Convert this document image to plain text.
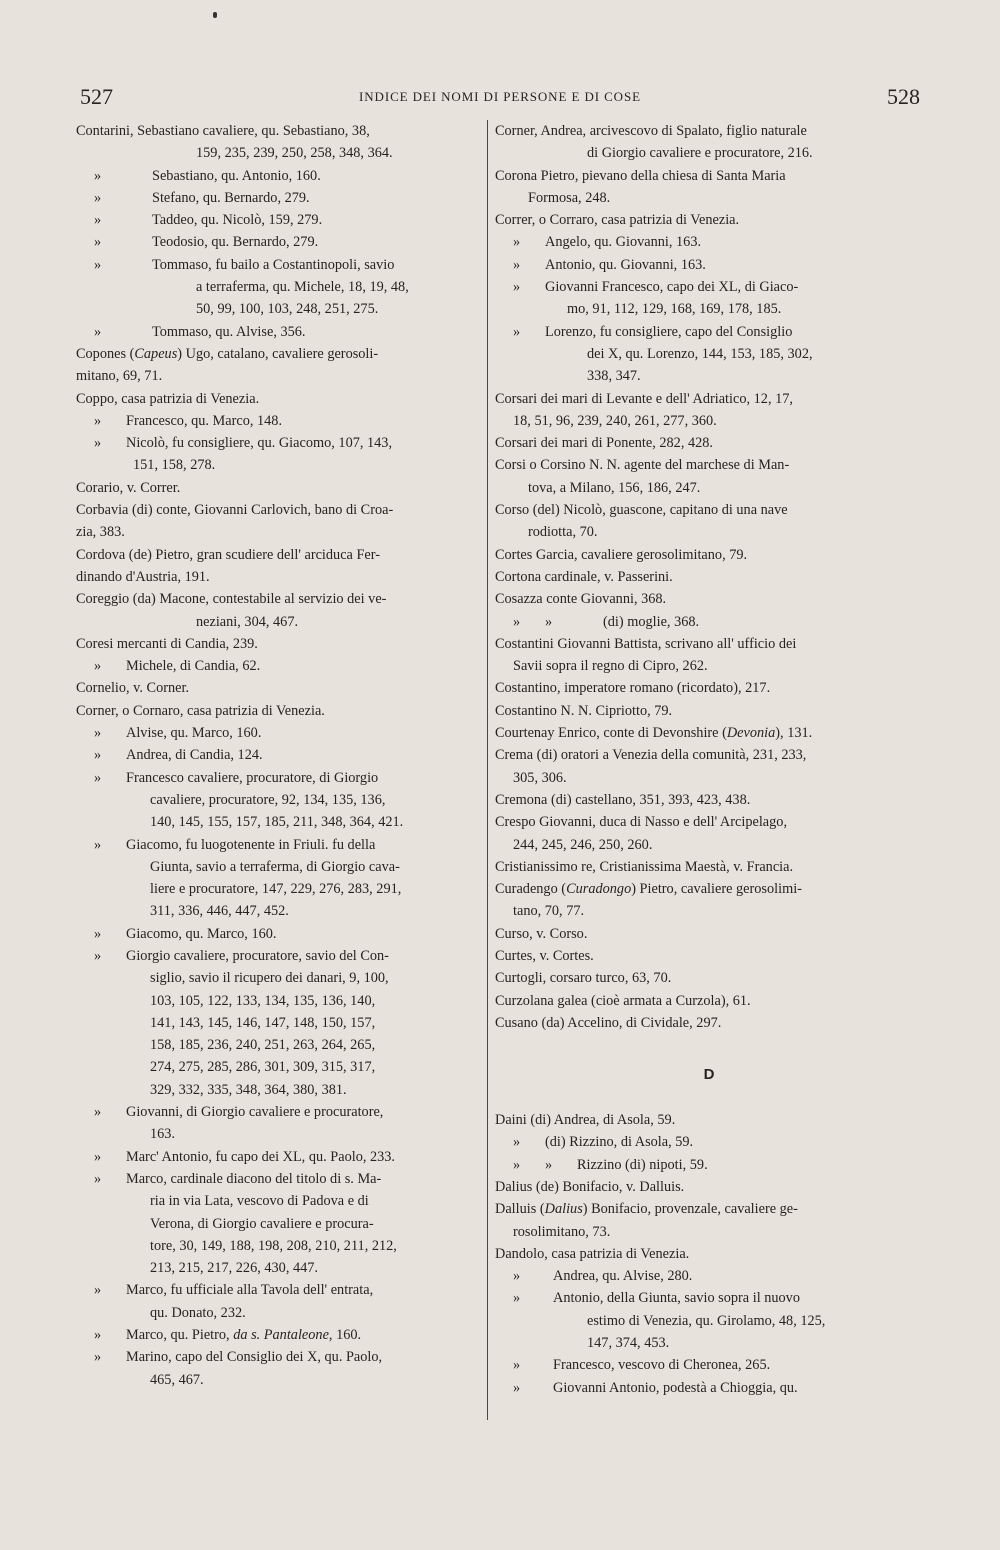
527	INDICE DEI NOMI DI PERSONE E DI COSE	528
Contarini, Sebastiano cavaliere, qu. Sebastiano, 38,
159, 235, 239, 250, 258, 348, 364.
»	Sebastiano, qu. Antonio, 160.
»	Stefano, qu. Bernardo, 279.
»	Taddeo, qu. Nicolò, 159, 279.
»	Teodosio, qu. Bernardo, 279.
»	Tommaso, fu bailo a Costantinopoli, savio
a terraferma, qu. Michele, 18, 19, 48,
50, 99, 100, 103, 248, 251, 275.
»	Tommaso, qu. Alvise, 356.
Copones (Capeus) Ugo, catalano, cavaliere gerosoli-
mitano, 69, 71.
Coppo, casa patrizia di Venezia.
» Francesco, qu. Marco, 148.
» Nicolò, fu consigliere, qu. Giacomo, 107, 143,
151, 158, 278.
Corario, v. Correr.
Corbavia (di) conte, Giovanni Carlovich, bano di Croa-
zia, 383.
Cordova (de) Pietro, gran scudiere dell' arciduca Fer-
dinando d'Austria, 191.
Coreggio (da) Macone, contestabile al servizio dei ve-
neziani, 304, 467.
Coresi mercanti di Candia, 239.
» Michele, di Candia, 62.
Cornelio, v. Corner.
Corner, o Cornaro, casa patrizia di Venezia.
» Alvise, qu. Marco, 160.
» Andrea, di Candia, 124.
» Francesco cavaliere, procuratore, di Giorgio
cavaliere, procuratore, 92, 134, 135, 136,
140, 145, 155, 157, 185, 211, 348, 364, 421.
» Giacomo, fu luogotenente in Friuli. fu della
Giunta, savio a terraferma, di Giorgio cava-
liere e procuratore, 147, 229, 276, 283, 291,
311, 336, 446, 447, 452.
» Giacomo, qu. Marco, 160.
» Giorgio cavaliere, procuratore, savio del Con-
siglio, savio il ricupero dei danari, 9, 100,
103, 105, 122, 133, 134, 135, 136, 140,
141, 143, 145, 146, 147, 148, 150, 157,
158, 185, 236, 240, 251, 263, 264, 265,
274, 275, 285, 286, 301, 309, 315, 317,
329, 332, 335, 348, 364, 380, 381.
» Giovanni, di Giorgio cavaliere e procuratore,
163.
» Marc' Antonio, fu capo dei XL, qu. Paolo, 233.
» Marco, cardinale diacono del titolo di s. Ma-
ria in via Lata, vescovo di Padova e di
Verona, di Giorgio cavaliere e procura-
tore, 30, 149, 188, 198, 208, 210, 211, 212,
213, 215, 217, 226, 430, 447.
» Marco, fu ufficiale alla Tavola dell' entrata,
qu. Donato, 232.
» Marco, qu. Pietro, da s. Pantaleone, 160.
» Marino, capo del Consiglio dei X, qu. Paolo,
465, 467.
Corner, Andrea, arcivescovo di Spalato, figlio naturale
di Giorgio cavaliere e procuratore, 216.
Corona Pietro, pievano della chiesa di Santa Maria
Formosa, 248.
Correr, o Corraro, casa patrizia di Venezia.
» Angelo, qu. Giovanni, 163.
» Antonio, qu. Giovanni, 163.
» Giovanni Francesco, capo dei XL, di Giaco-
mo, 91, 112, 129, 168, 169, 178, 185.
» Lorenzo, fu consigliere, capo del Consiglio
dei X, qu. Lorenzo, 144, 153, 185, 302,
338, 347.
Corsari dei mari di Levante e dell' Adriatico, 12, 17,
18, 51, 96, 239, 240, 261, 277, 360.
Corsari dei mari di Ponente, 282, 428.
Corsi o Corsino N. N. agente del marchese di Man-
tova, a Milano, 156, 186, 247.
Corso (del) Nicolò, guascone, capitano di una nave
rodiotta, 70.
Cortes Garcia, cavaliere gerosolimitano, 79.
Cortona cardinale, v. Passerini.
Cosazza conte Giovanni, 368.
» »	(di) moglie, 368.
Costantini Giovanni Battista, scrivano all' ufficio dei
Savii sopra il regno di Cipro, 262.
Costantino, imperatore romano (ricordato), 217.
Costantino N. N. Cipriotto, 79.
Courtenay Enrico, conte di Devonshire (Devonia), 131.
Crema (di) oratori a Venezia della comunità, 231, 233,
305, 306.
Cremona (di) castellano, 351, 393, 423, 438.
Crespo Giovanni, duca di Nasso e dell' Arcipelago,
244, 245, 246, 250, 260.
Cristianissimo re, Cristianissima Maestà, v. Francia.
Curadengo (Curadongo) Pietro, cavaliere gerosolimi-
tano, 70, 77.
Curso, v. Corso.
Curtes, v. Cortes.
Curtogli, corsaro turco, 63, 70.
Curzolana galea (cioè armata a Curzola), 61.
Cusano (da) Accelino, di Cividale, 297.
D
Daini (di) Andrea, di Asola, 59.
» (di) Rizzino, di Asola, 59.
» » Rizzino (di) nipoti, 59.
Dalius (de) Bonifacio, v. Dalluis.
Dalluis (Dalius) Bonifacio, provenzale, cavaliere ge-
rosolimitano, 73.
Dandolo, casa patrizia di Venezia.
» Andrea, qu. Alvise, 280.
» Antonio, della Giunta, savio sopra il nuovo
estimo di Venezia, qu. Girolamo, 48, 125,
147, 374, 453.
» Francesco, vescovo di Cheronea, 265.
» Giovanni Antonio, podestà a Chioggia, qu.
